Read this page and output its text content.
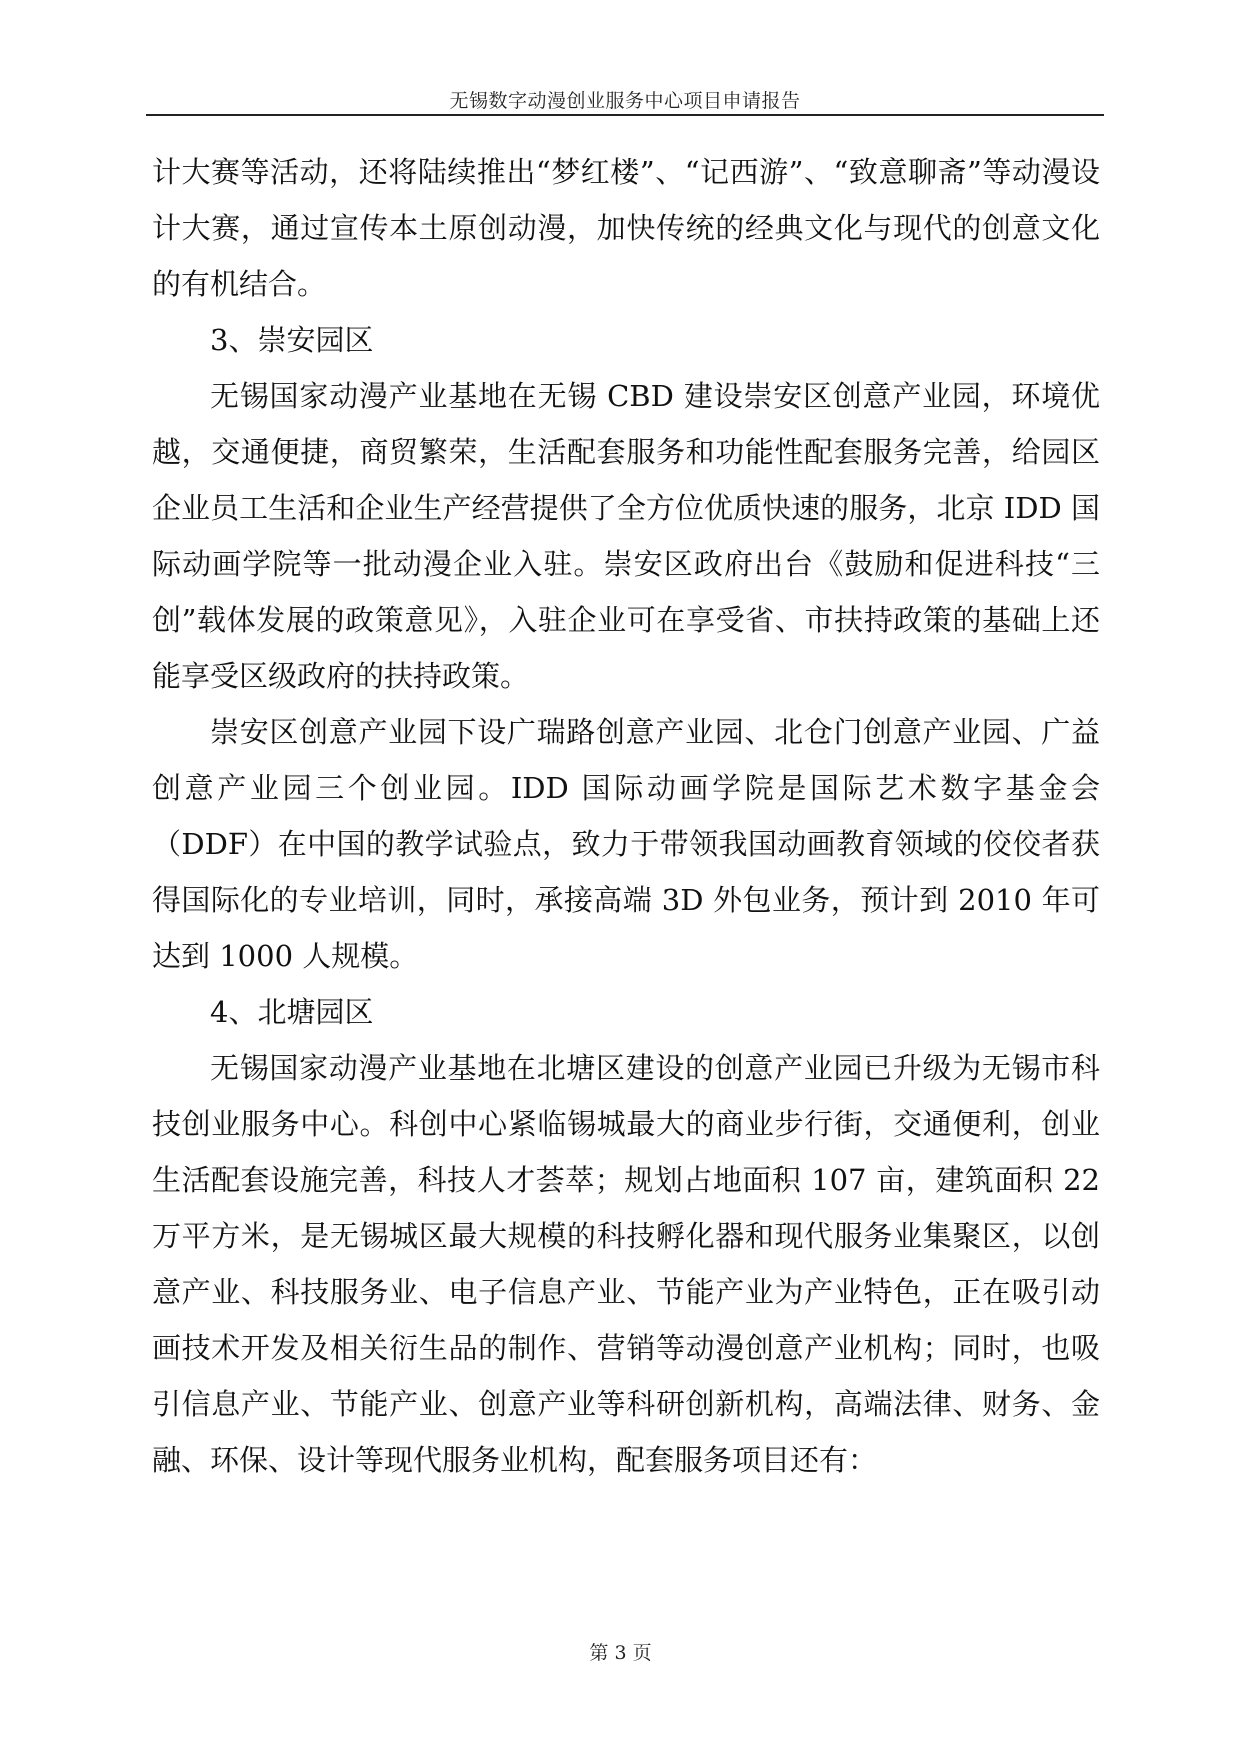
无锡数字动漫创业服务中心项目申请报告

计大赛等活动，还将陆续推出“梦红楼”、“记西游”、“致意聊斋”等动漫设计大赛，通过宣传本土原创动漫，加快传统的经典文化与现代的创意文化的有机结合。

3、崇安园区

无锡国家动漫产业基地在无锡 CBD 建设崇安区创意产业园，环境优越，交通便捷，商贸繁荣，生活配套服务和功能性配套服务完善，给园区企业员工生活和企业生产经营提供了全方位优质快速的服务，北京 IDD 国际动画学院等一批动漫企业入驻。崇安区政府出台《鼓励和促进科技“三创”载体发展的政策意见》，入驻企业可在享受省、市扶持政策的基础上还能享受区级政府的扶持政策。

崇安区创意产业园下设广瑞路创意产业园、北仓门创意产业园、广益创意产业园三个创业园。IDD 国际动画学院是国际艺术数字基金会（DDF）在中国的教学试验点，致力于带领我国动画教育领域的佼佼者获得国际化的专业培训，同时，承接高端 3D 外包业务，预计到 2010 年可达到 1000 人规模。

4、北塘园区

无锡国家动漫产业基地在北塘区建设的创意产业园已升级为无锡市科技创业服务中心。科创中心紧临锡城最大的商业步行街，交通便利，创业生活配套设施完善，科技人才荟萃；规划占地面积 107 亩，建筑面积 22 万平方米，是无锡城区最大规模的科技孵化器和现代服务业集聚区，以创意产业、科技服务业、电子信息产业、节能产业为产业特色，正在吸引动画技术开发及相关衍生品的制作、营销等动漫创意产业机构；同时，也吸引信息产业、节能产业、创意产业等科研创新机构，高端法律、财务、金融、环保、设计等现代服务业机构，配套服务项目还有：

第 3 页
